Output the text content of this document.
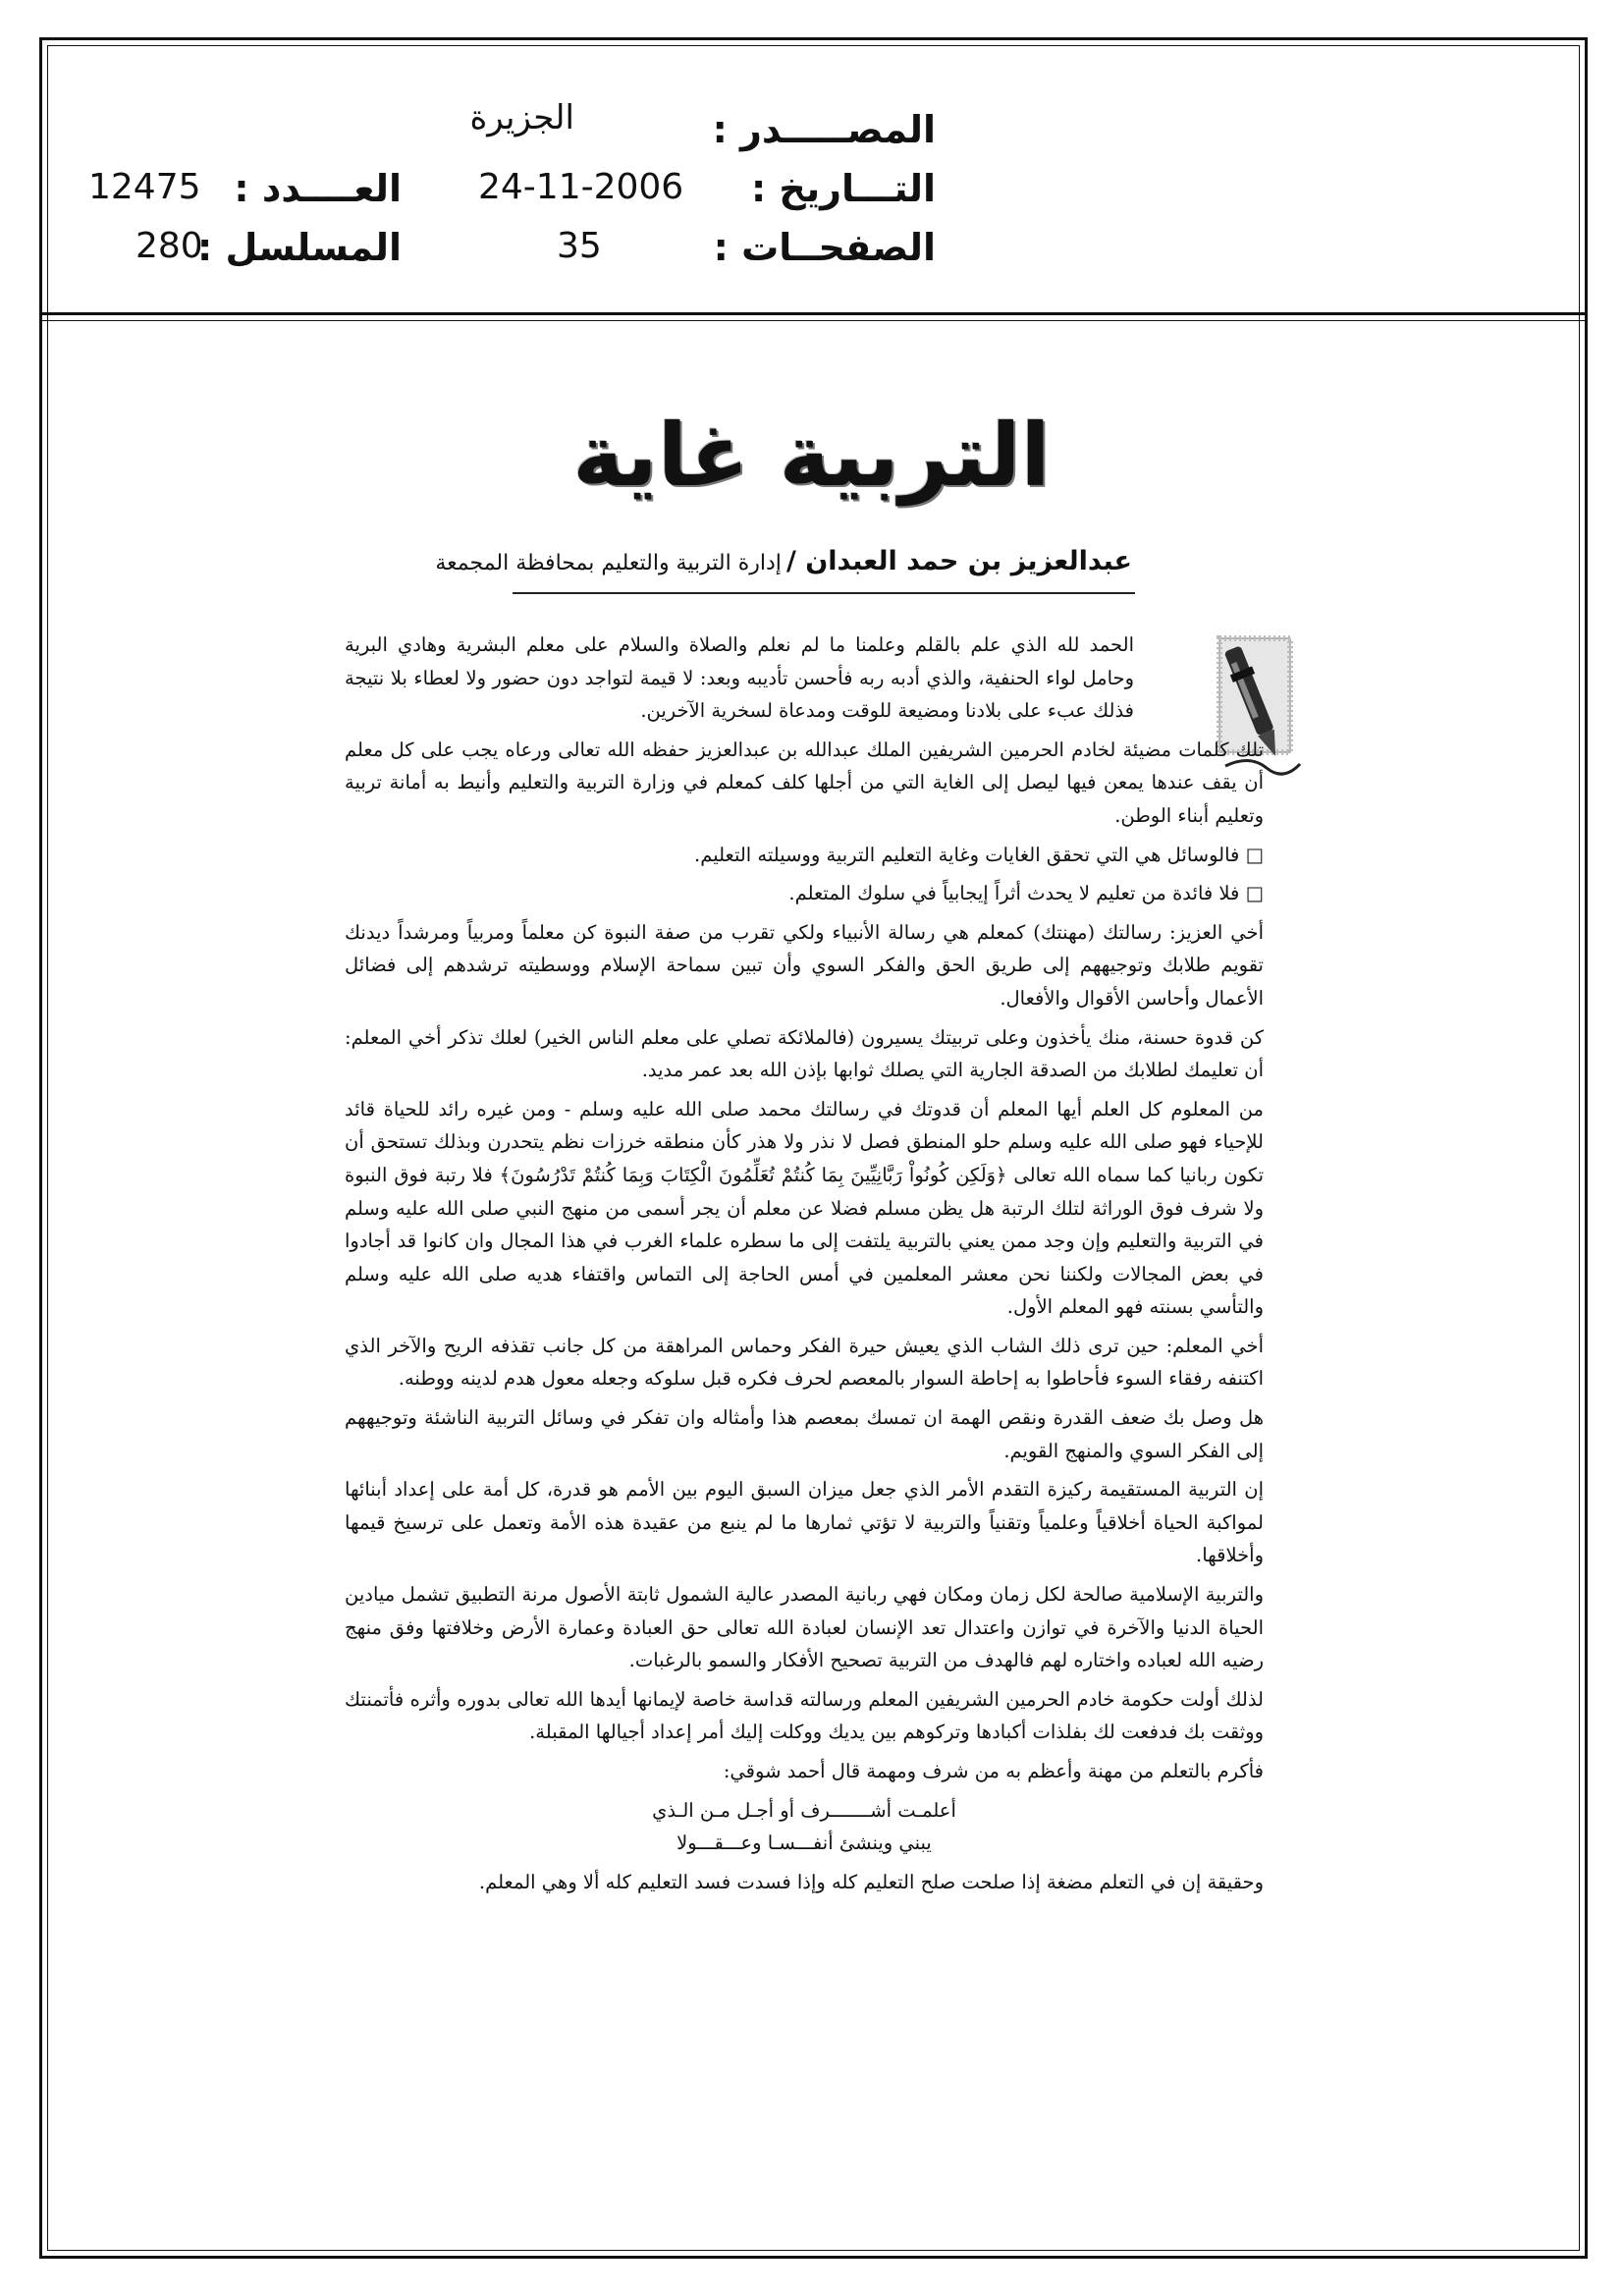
المصـــــدر :
الجزيرة
التـــاريخ :
24-11-2006
العــــدد :
12475
الصفحــات :
35
المسلسل :
280
التربية غاية
عبدالعزيز بن حمد العبدان / إدارة التربية والتعليم بمحافظة المجمعة

الحمد لله الذي علم بالقلم وعلمنا ما لم نعلم والصلاة والسلام على معلم البشرية وهادي البرية وحامل لواء الحنفية، والذي أدبه ربه فأحسن تأديبه وبعد: لا قيمة لتواجد دون حضور ولا لعطاء بلا نتيجة فذلك عبء على بلادنا ومضيعة للوقت ومدعاة لسخرية الآخرين.

تلك كلمات مضيئة لخادم الحرمين الشريفين الملك عبدالله بن عبدالعزيز حفظه الله تعالى ورعاه يجب على كل معلم أن يقف عندها يمعن فيها ليصل إلى الغاية التي من أجلها كلف كمعلم في وزارة التربية والتعليم وأنيط به أمانة تربية وتعليم أبناء الوطن.

□ فالوسائل هي التي تحقق الغايات وغاية التعليم التربية ووسيلته التعليم.

□ فلا فائدة من تعليم لا يحدث أثراً إيجابياً في سلوك المتعلم.

أخي العزيز: رسالتك (مهنتك) كمعلم هي رسالة الأنبياء ولكي تقرب من صفة النبوة كن معلماً ومربياً ومرشداً ديدنك تقويم طلابك وتوجيههم إلى طريق الحق والفكر السوي وأن تبين سماحة الإسلام ووسطيته ترشدهم إلى فضائل الأعمال وأحاسن الأقوال والأفعال.

كن قدوة حسنة، منك يأخذون وعلى تربيتك يسيرون (فالملائكة تصلي على معلم الناس الخير) لعلك تذكر أخي المعلم: أن تعليمك لطلابك من الصدقة الجارية التي يصلك ثوابها بإذن الله بعد عمر مديد.

من المعلوم كل العلم أيها المعلم أن قدوتك في رسالتك محمد صلى الله عليه وسلم - ومن غيره رائد للحياة قائد للإحياء فهو صلى الله عليه وسلم حلو المنطق فصل لا نذر ولا هذر كأن منطقه خرزات نظم يتحدرن وبذلك تستحق أن تكون ربانيا كما سماه الله تعالى ﴿وَلَكِن كُونُواْ رَبَّانِيِّينَ بِمَا كُنتُمْ تُعَلِّمُونَ الْكِتَابَ وَبِمَا كُنتُمْ تَدْرُسُونَ﴾ فلا رتبة فوق النبوة ولا شرف فوق الوراثة لتلك الرتبة هل يظن مسلم فضلا عن معلم أن يجر أسمى من منهج النبي صلى الله عليه وسلم في التربية والتعليم وإن وجد ممن يعني بالتربية يلتفت إلى ما سطره علماء الغرب في هذا المجال وان كانوا قد أجادوا في بعض المجالات ولكننا نحن معشر المعلمين في أمس الحاجة إلى التماس واقتفاء هديه صلى الله عليه وسلم والتأسي بسنته فهو المعلم الأول.

أخي المعلم: حين ترى ذلك الشاب الذي يعيش حيرة الفكر وحماس المراهقة من كل جانب تقذفه الريح والآخر الذي اكتنفه رفقاء السوء فأحاطوا به إحاطة السوار بالمعصم لحرف فكره قبل سلوكه وجعله معول هدم لدينه ووطنه.

هل وصل بك ضعف القدرة ونقص الهمة ان تمسك بمعصم هذا وأمثاله وان تفكر في وسائل التربية الناشئة وتوجيههم إلى الفكر السوي والمنهج القويم.

إن التربية المستقيمة ركيزة التقدم الأمر الذي جعل ميزان السبق اليوم بين الأمم هو قدرة، كل أمة على إعداد أبنائها لمواكبة الحياة أخلاقياً وعلمياً وتقنياً والتربية لا تؤتي ثمارها ما لم ينبع من عقيدة هذه الأمة وتعمل على ترسيخ قيمها وأخلاقها.

والتربية الإسلامية صالحة لكل زمان ومكان فهي ربانية المصدر عالية الشمول ثابتة الأصول مرنة التطبيق تشمل ميادين الحياة الدنيا والآخرة في توازن واعتدال تعد الإنسان لعبادة الله تعالى حق العبادة وعمارة الأرض وخلافتها وفق منهج رضيه الله لعباده واختاره لهم فالهدف من التربية تصحيح الأفكار والسمو بالرغبات.

لذلك أولت حكومة خادم الحرمين الشريفين المعلم ورسالته قداسة خاصة لإيمانها أيدها الله تعالى بدوره وأثره فأتمنتك ووثقت بك فدفعت لك بفلذات أكبادها وتركوهم بين يديك ووكلت إليك أمر إعداد أجيالها المقبلة.

فأكرم بالتعلم من مهنة وأعظم به من شرف ومهمة قال أحمد شوقي:

أعلمـت أشـــــــرف أو أجـل مـن الـذي

يبني وينشئ أنفـــسـا وعـــقـــولا

وحقيقة إن في التعلم مضغة إذا صلحت صلح التعليم كله وإذا فسدت فسد التعليم كله ألا وهي المعلم.
